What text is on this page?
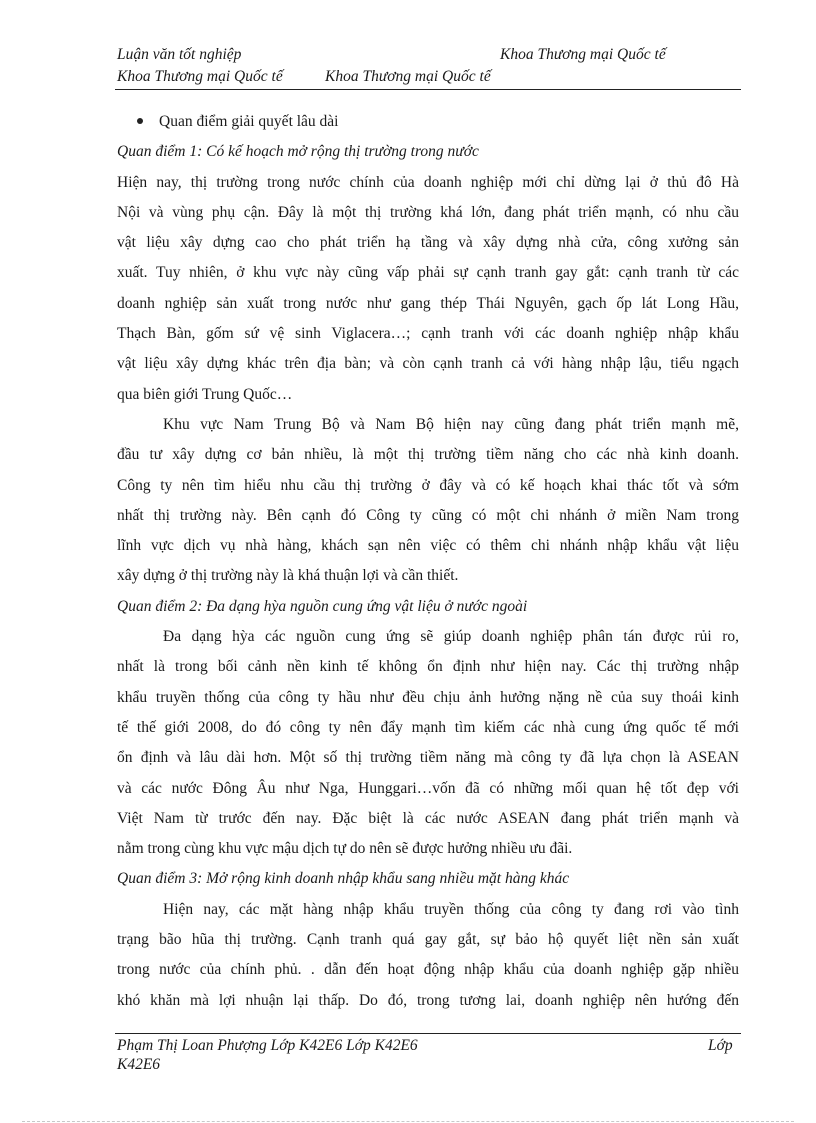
Luận văn tốt nghiệp	Khoa Thương mại Quốc tế
Khoa Thương mại Quốc tế	Khoa Thương mại Quốc tế
Quan điểm giải quyết lâu dài
Quan điểm 1: Có kế hoạch mở rộng thị trường trong nước
Hiện nay, thị trường trong nước chính của doanh nghiệp mới chỉ dừng lại ở thủ đô Hà
Nội và vùng phụ cận. Đây là một thị trường khá lớn, đang phát triển mạnh, có nhu cầu
vật liệu xây dựng cao cho phát triển hạ tầng và xây dựng nhà cửa, công xưởng sản
xuất. Tuy nhiên, ở khu vực này cũng vấp phải sự cạnh tranh gay gắt: cạnh tranh từ các
doanh nghiệp sản xuất trong nước như gang thép Thái Nguyên, gạch ốp lát Long Hầu,
Thạch Bàn, gốm sứ vệ sinh Viglacera…; cạnh tranh với các doanh nghiệp nhập khẩu
vật liệu xây dựng khác trên địa bàn; và còn cạnh tranh cả với hàng nhập lậu, tiểu ngạch
qua biên giới Trung Quốc…
Khu vực Nam Trung Bộ và Nam Bộ hiện nay cũng đang phát triển mạnh mẽ,
đầu tư xây dựng cơ bản nhiều, là một thị trường tiềm năng cho các nhà kinh doanh.
Công ty nên tìm hiểu nhu cầu thị trường ở đây và có kế hoạch khai thác tốt và sớm
nhất thị trường này. Bên cạnh đó Công ty cũng có một chi nhánh ở miền Nam trong
lĩnh vực dịch vụ nhà hàng, khách sạn nên việc có thêm chi nhánh nhập khẩu vật liệu
xây dựng ở thị trường này là khá thuận lợi và cần thiết.
Quan điểm 2: Đa dạng hỳa nguồn cung ứng vật liệu ở nước ngoài
Đa dạng hỳa các nguồn cung ứng sẽ giúp doanh nghiệp phân tán được rủi ro,
nhất là trong bối cảnh nền kinh tế không ổn định như hiện nay. Các thị trường nhập
khẩu truyền thống của công ty hầu như đều chịu ảnh hưởng nặng nề của suy thoái kinh
tế thế giới 2008, do đó công ty nên đẩy mạnh tìm kiếm các nhà cung ứng quốc tế mới
ổn định và lâu dài hơn. Một số thị trường tiềm năng mà công ty đã lựa chọn là ASEAN
và các nước Đông Âu như Nga, Hunggari…vốn đã có những mối quan hệ tốt đẹp với
Việt Nam từ trước đến nay. Đặc biệt là các nước ASEAN đang phát triển mạnh và
nằm trong cùng khu vực mậu dịch tự do nên sẽ được hưởng nhiều ưu đãi.
Quan điểm 3: Mở rộng kinh doanh nhập khẩu sang nhiều mặt hàng khác
Hiện nay, các mặt hàng nhập khẩu truyền thống của công ty đang rơi vào tình
trạng bão hũa thị trường. Cạnh tranh quá gay gắt, sự bảo hộ quyết liệt nền sản xuất
trong nước của chính phủ. . dẫn đến hoạt động nhập khẩu của doanh nghiệp gặp nhiều
khó khăn mà lợi nhuận lại thấp. Do đó, trong tương lai, doanh nghiệp nên hướng đến
Phạm Thị Loan Phượng Lớp K42E6 Lớp K42E6	Lớp
K42E6
